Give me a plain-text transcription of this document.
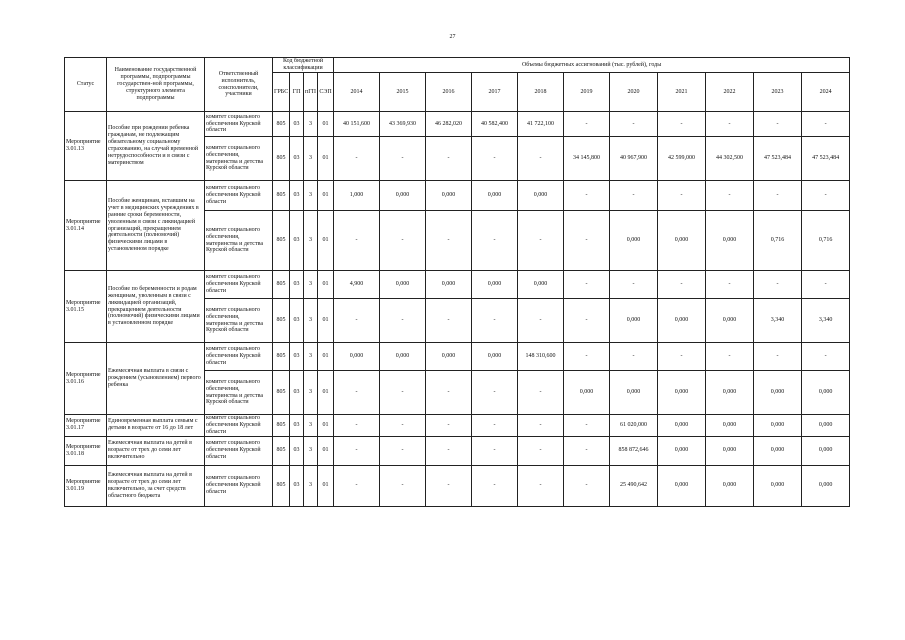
27
Статус	Наименование государственной программы, подпрограммы государствен-ной программы, структурного элемента подпрограммы	Ответственный исполнитель, соисполнители, участники	Код бюджетной классификации				Объемы бюджетных ассигнований (тыс. рублей), годы										
			ГРБС	ГП	пГП	СЭП	2014	2015	2016	2017	2018	2019	2020	2021	2022	2023	2024
Мероприятие 3.01.13	Пособие при рождении ребенка гражданам, не подлежащим обязательному социальному страхованию, на случай временной нетрудоспособности и в связи с материнством	комитет социального обеспечения Курской области	805	03	3	01	40 151,600	43 369,930	46 282,020	40 582,400	41 722,100	-	-	-	-	-	-
		комитет социального обеспечения, материнства и детства Курской области	805	03	3	01	-	-	-	-	-	34 145,800	40 967,900	42 599,000	44 302,500	47 523,484	47 523,484
Мероприятие 3.01.14	Пособие женщинам, вставшим на учет в медицинских учреждениях в ранние сроки беременности, уволенным в связи с ликвидацией организаций, прекращением деятельности (полномочий) физическими лицами в установленном порядке	комитет социального обеспечения Курской области	805	03	3	01	1,000	0,000	0,000	0,000	0,000	-	-	-	-	-	-
		комитет социального обеспечения, материнства и детства Курской области	805	03	3	01	-	-	-	-	-	-	0,000	0,000	0,000	0,716	0,716
Мероприятие 3.01.15	Пособие по беременности и родам женщинам, уволенным в связи с ликвидацией организаций, прекращением деятельности (полномочий) физическими лицами в установленном порядке	комитет социального обеспечения Курской области	805	03	3	01	4,900	0,000	0,000	0,000	0,000	-	-	-	-	-	-
		комитет социального обеспечения, материнства и детства Курской области	805	03	3	01	-	-	-	-	-	-	0,000	0,000	0,000	3,340	3,340
Мероприятие 3.01.16	Ежемесячная выплата в связи с рождением (усыновлением) первого ребенка	комитет социального обеспечения Курской области	805	03	3	01	0,000	0,000	0,000	0,000	148 310,600	-	-	-	-	-	-
		комитет социального обеспечения, материнства и детства Курской области	805	03	3	01	-	-	-	-	-	0,000	0,000	0,000	0,000	0,000	0,000
Мероприятие 3.01.17	Единовременная выплата семьям с детьми в возрасте от 16 до 18 лет	комитет социального обеспечения Курской области	805	03	3	01	-	-	-	-	-	-	61 020,000	0,000	0,000	0,000	0,000
Мероприятие 3.01.18	Ежемесячная выплата на детей в возрасте от трех до семи лет включительно	комитет социального обеспечения Курской области	805	03	3	01	-	-	-	-	-	-	858 872,646	0,000	0,000	0,000	0,000
Мероприятие 3.01.19	Ежемесячная выплата на детей в возрасте от трех до семи лет включительно, за счет средств областного бюджета	комитет социального обеспечения Курской области	805	03	3	01	-	-	-	-	-	-	25 490,642	0,000	0,000	0,000	0,000
